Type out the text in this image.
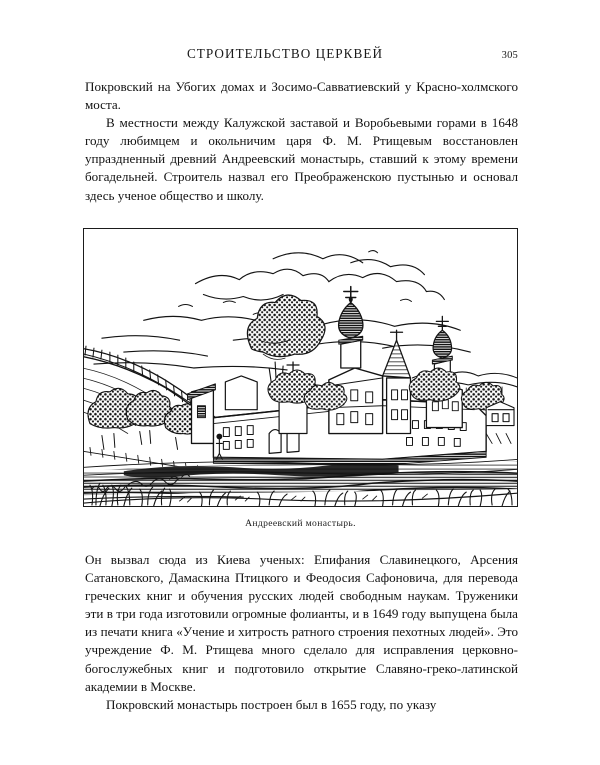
СТРОИТЕЛЬСТВО ЦЕРКВЕЙ	305

Покровский на Убогих домах и Зосимо-Савватиевский у Красно-холмского моста.

В местности между Калужской заставой и Воробьевыми горами в 1648 году любимцем и окольничим царя Ф. М. Ртищевым восстановлен упраздненный древний Андреевский монастырь, ставший к этому времени богадельней. Строитель назвал его Преображенскою пустынью и основал здесь ученое общество и школу.

Андреевский монастырь.

Он вызвал сюда из Киева ученых: Епифания Славинецкого, Арсения Сатановского, Дамаскина Птицкого и Феодосия Сафоновича, для перевода греческих книг и обучения русских людей свободным наукам. Труженики эти в три года изготовили огромные фолианты, и в 1649 году выпущена была из печати книга «Учение и хитрость ратного строения пехотных людей». Это учреждение Ф. М. Ртищева много сделало для исправления церковно-богослужебных книг и подготовило открытие Славяно-греко-латинской академии в Москве.

Покровский монастырь построен был в 1655 году, по указу
